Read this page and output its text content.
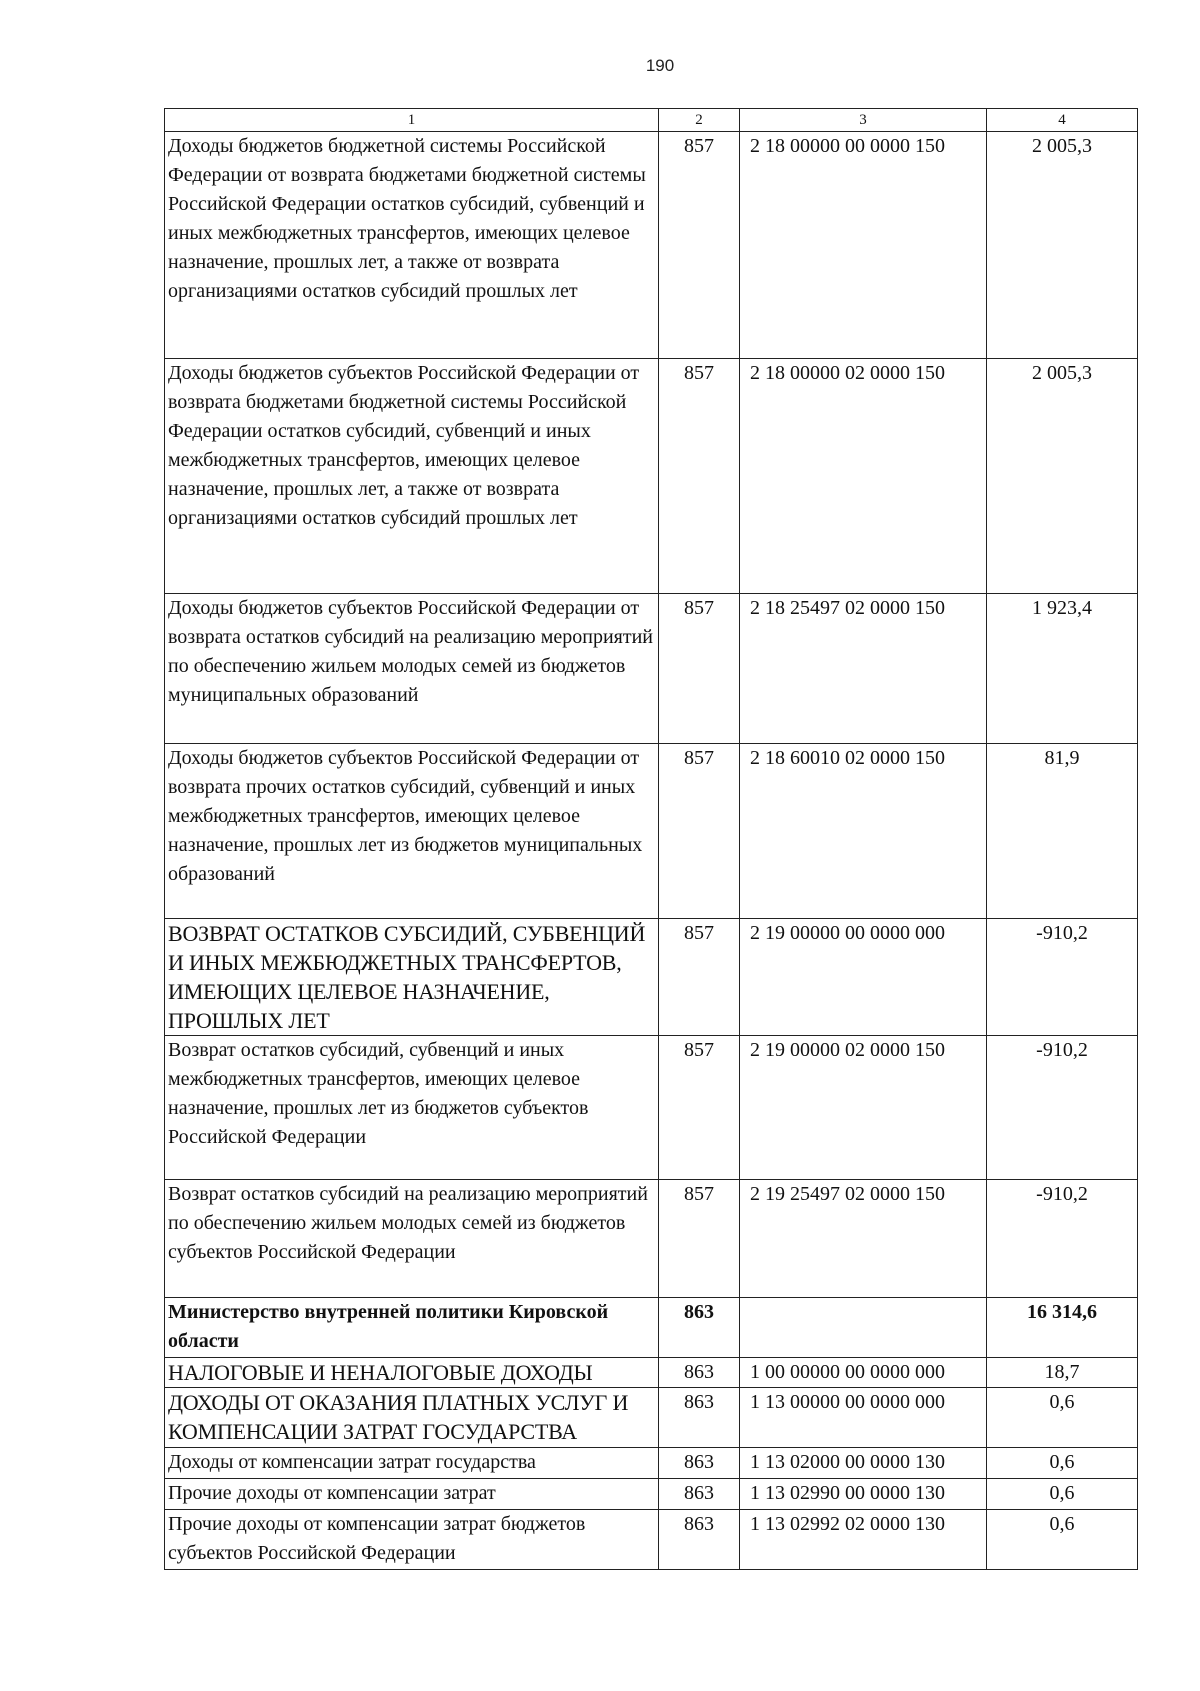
190
1	2	3	4
Доходы бюджетов бюджетной системы Российской Федерации от возврата бюджетами бюджетной системы Российской Федерации остатков субсидий, субвенций и иных межбюджетных трансфертов, имеющих целевое назначение, прошлых лет, а также от возврата организациями остатков субсидий прошлых лет	857	2 18 00000 00 0000 150	2 005,3
Доходы бюджетов субъектов Российской Федерации от возврата бюджетами бюджетной системы Российской Федерации остатков субсидий, субвенций и иных межбюджетных трансфертов, имеющих целевое назначение, прошлых лет, а также от возврата организациями остатков субсидий прошлых лет	857	2 18 00000 02 0000 150	2 005,3
Доходы бюджетов субъектов Российской Федерации от возврата остатков субсидий на реализацию мероприятий по обеспечению жильем молодых семей из бюджетов муниципальных образований	857	2 18 25497 02 0000 150	1 923,4
Доходы бюджетов субъектов Российской Федерации от возврата прочих остатков субсидий, субвенций и иных межбюджетных трансфертов, имеющих целевое назначение, прошлых лет из бюджетов муниципальных образований	857	2 18 60010 02 0000 150	81,9
ВОЗВРАТ ОСТАТКОВ СУБСИДИЙ, СУБВЕНЦИЙ И ИНЫХ МЕЖБЮДЖЕТНЫХ ТРАНСФЕРТОВ, ИМЕЮЩИХ ЦЕЛЕВОЕ НАЗНАЧЕНИЕ, ПРОШЛЫХ ЛЕТ	857	2 19 00000 00 0000 000	-910,2
Возврат остатков субсидий, субвенций и иных межбюджетных трансфертов, имеющих целевое назначение, прошлых лет из бюджетов субъектов Российской Федерации	857	2 19 00000 02 0000 150	-910,2
Возврат остатков субсидий на реализацию мероприятий по обеспечению жильем молодых семей из бюджетов субъектов Российской Федерации	857	2 19 25497 02 0000 150	-910,2
Министерство внутренней политики Кировской области	863		16 314,6
НАЛОГОВЫЕ И НЕНАЛОГОВЫЕ ДОХОДЫ	863	1 00 00000 00 0000 000	18,7
ДОХОДЫ ОТ ОКАЗАНИЯ ПЛАТНЫХ УСЛУГ И КОМПЕНСАЦИИ ЗАТРАТ ГОСУДАРСТВА	863	1 13 00000 00 0000 000	0,6
Доходы от компенсации затрат государства	863	1 13 02000 00 0000 130	0,6
Прочие доходы от компенсации затрат	863	1 13 02990 00 0000 130	0,6
Прочие доходы от компенсации затрат бюджетов субъектов Российской Федерации	863	1 13 02992 02 0000 130	0,6
